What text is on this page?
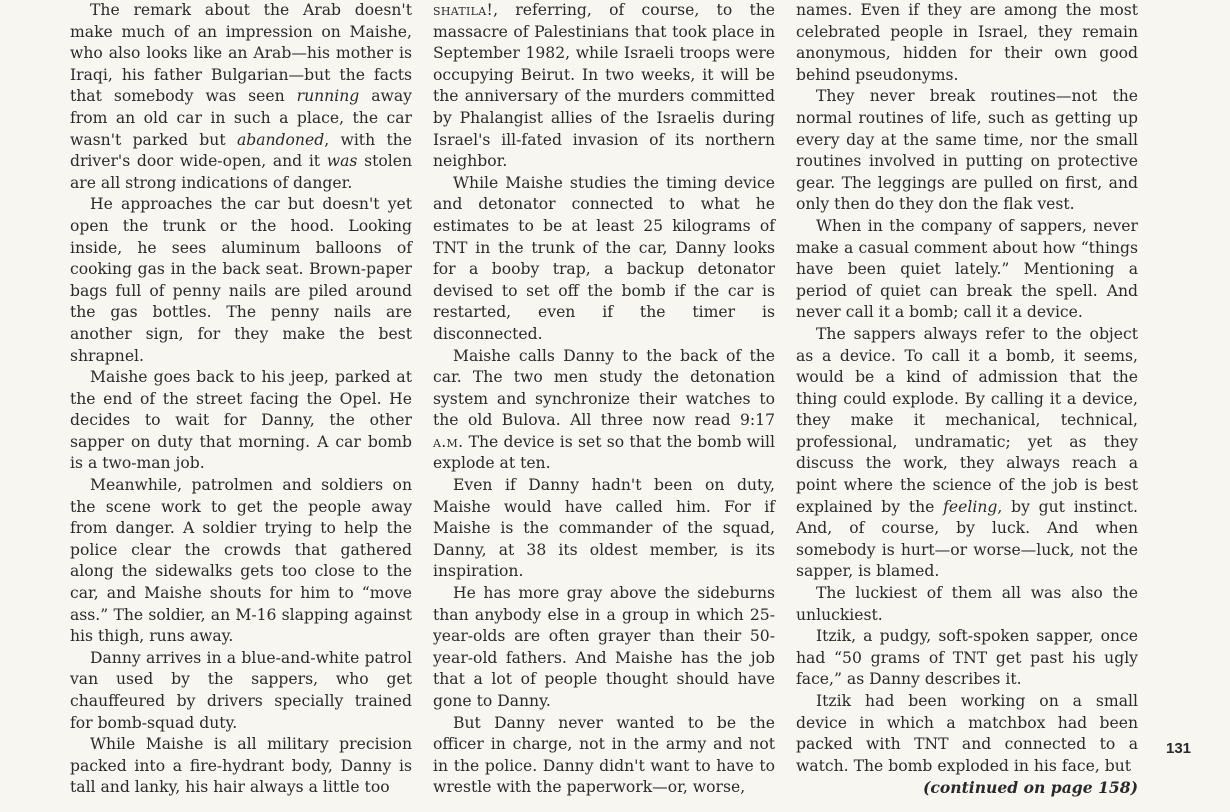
The remark about the Arab doesn't make much of an impression on Maishe, who also looks like an Arab—his mother is Iraqi, his father Bulgarian—but the facts that somebody was seen running away from an old car in such a place, the car wasn't parked but abandoned, with the driver's door wide-open, and it was stolen are all strong indications of danger.

He approaches the car but doesn't yet open the trunk or the hood. Looking inside, he sees aluminum balloons of cooking gas in the back seat. Brown-paper bags full of penny nails are piled around the gas bottles. The penny nails are another sign, for they make the best shrapnel.

Maishe goes back to his jeep, parked at the end of the street facing the Opel. He decides to wait for Danny, the other sapper on duty that morning. A car bomb is a two-man job.

Meanwhile, patrolmen and soldiers on the scene work to get the people away from danger. A soldier trying to help the police clear the crowds that gathered along the sidewalks gets too close to the car, and Maishe shouts for him to “move ass.” The soldier, an M-16 slapping against his thigh, runs away.

Danny arrives in a blue-and-white patrol van used by the sappers, who get chauffeured by drivers specially trained for bomb-squad duty.

While Maishe is all military precision packed into a fire-hydrant body, Danny is tall and lanky, his hair always a little too

shatila!, referring, of course, to the massacre of Palestinians that took place in September 1982, while Israeli troops were occupying Beirut. In two weeks, it will be the anniversary of the murders committed by Phalangist allies of the Israelis during Israel's ill-fated invasion of its northern neighbor.

While Maishe studies the timing device and detonator connected to what he estimates to be at least 25 kilograms of TNT in the trunk of the car, Danny looks for a booby trap, a backup detonator devised to set off the bomb if the car is restarted, even if the timer is disconnected.

Maishe calls Danny to the back of the car. The two men study the detonation system and synchronize their watches to the old Bulova. All three now read 9:17 a.m. The device is set so that the bomb will explode at ten.

Even if Danny hadn't been on duty, Maishe would have called him. For if Maishe is the commander of the squad, Danny, at 38 its oldest member, is its inspiration.

He has more gray above the sideburns than anybody else in a group in which 25-year-olds are often grayer than their 50-year-old fathers. And Maishe has the job that a lot of people thought should have gone to Danny.

But Danny never wanted to be the officer in charge, not in the army and not in the police. Danny didn't want to have to wrestle with the paperwork—or, worse,

names. Even if they are among the most celebrated people in Israel, they remain anonymous, hidden for their own good behind pseudonyms.

They never break routines—not the normal routines of life, such as getting up every day at the same time, nor the small routines involved in putting on protective gear. The leggings are pulled on first, and only then do they don the flak vest.

When in the company of sappers, never make a casual comment about how “things have been quiet lately.” Mentioning a period of quiet can break the spell. And never call it a bomb; call it a device.

The sappers always refer to the object as a device. To call it a bomb, it seems, would be a kind of admission that the thing could explode. By calling it a device, they make it mechanical, technical, professional, undramatic; yet as they discuss the work, they always reach a point where the science of the job is best explained by the feeling, by gut instinct. And, of course, by luck. And when somebody is hurt—or worse—luck, not the sapper, is blamed.

The luckiest of them all was also the unluckiest.

Itzik, a pudgy, soft-spoken sapper, once had “50 grams of TNT get past his ugly face,” as Danny describes it.

Itzik had been working on a small device in which a matchbox had been packed with TNT and connected to a watch. The bomb exploded in his face, but

(continued on page 158)

131
